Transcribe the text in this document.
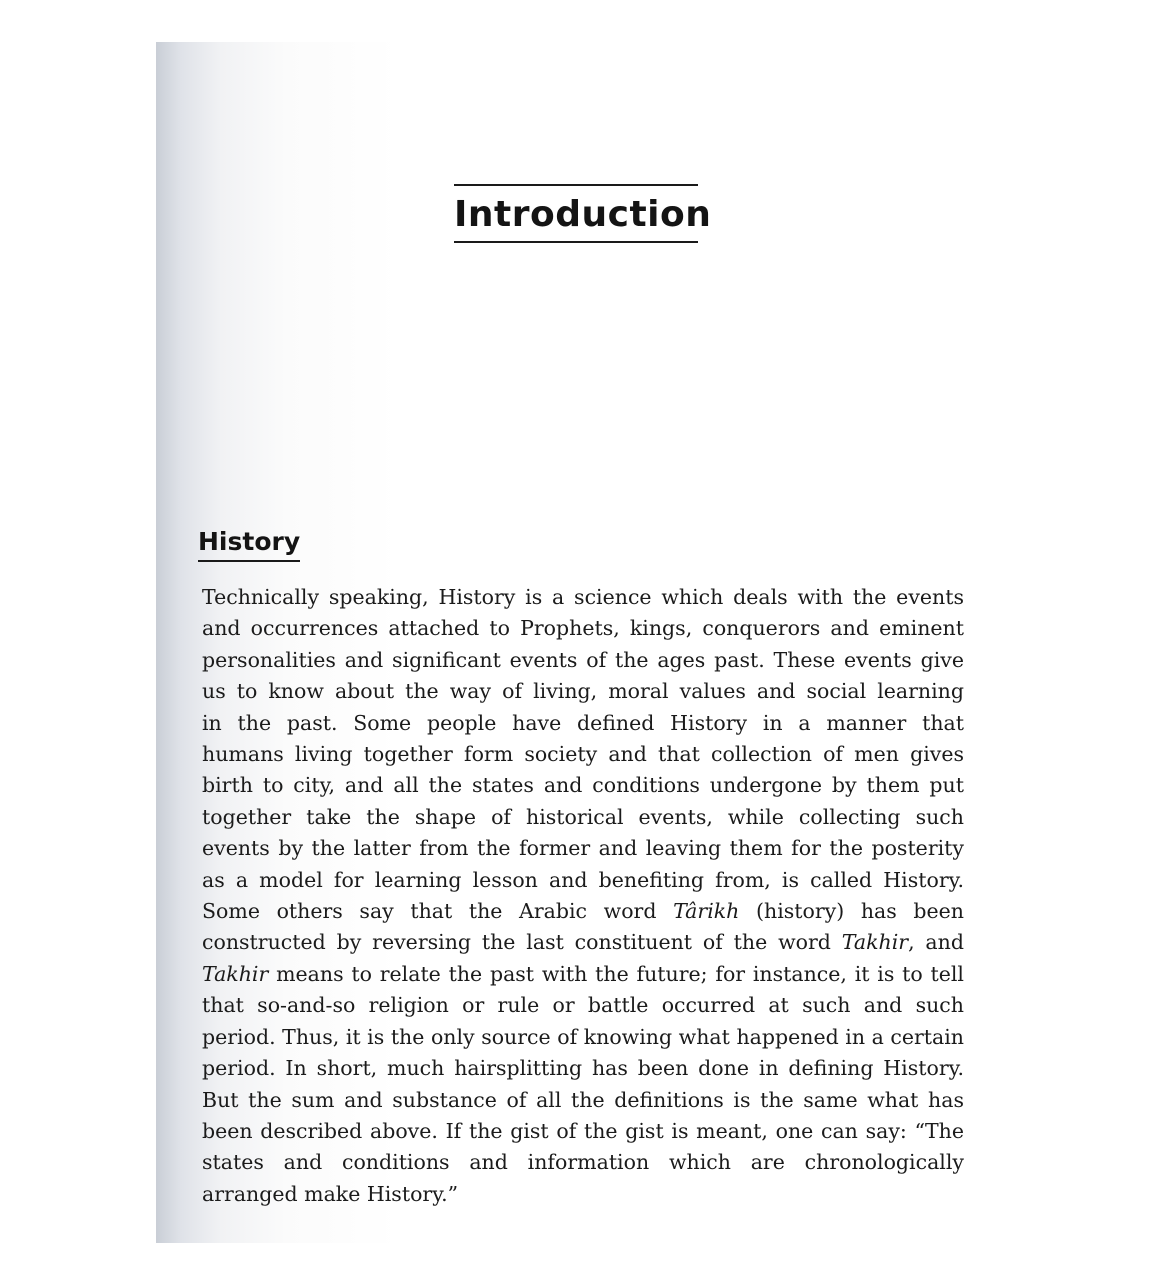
Introduction
History
Technically speaking, History is a science which deals with the events
and occurrences attached to Prophets, kings, conquerors and eminent
personalities and significant events of the ages past. These events give
us to know about the way of living, moral values and social learning
in the past. Some people have defined History in a manner that
humans living together form society and that collection of men gives
birth to city, and all the states and conditions undergone by them put
together take the shape of historical events, while collecting such
events by the latter from the former and leaving them for the posterity
as a model for learning lesson and benefiting from, is called History.
Some others say that the Arabic word Târikh (history) has been
constructed by reversing the last constituent of the word Takhir, and
Takhir means to relate the past with the future; for instance, it is to tell
that so-and-so religion or rule or battle occurred at such and such
period. Thus, it is the only source of knowing what happened in a certain
period. In short, much hairsplitting has been done in defining History.
But the sum and substance of all the definitions is the same what has
been described above. If the gist of the gist is meant, one can say: “The
states and conditions and information which are chronologically
arranged make History.”
